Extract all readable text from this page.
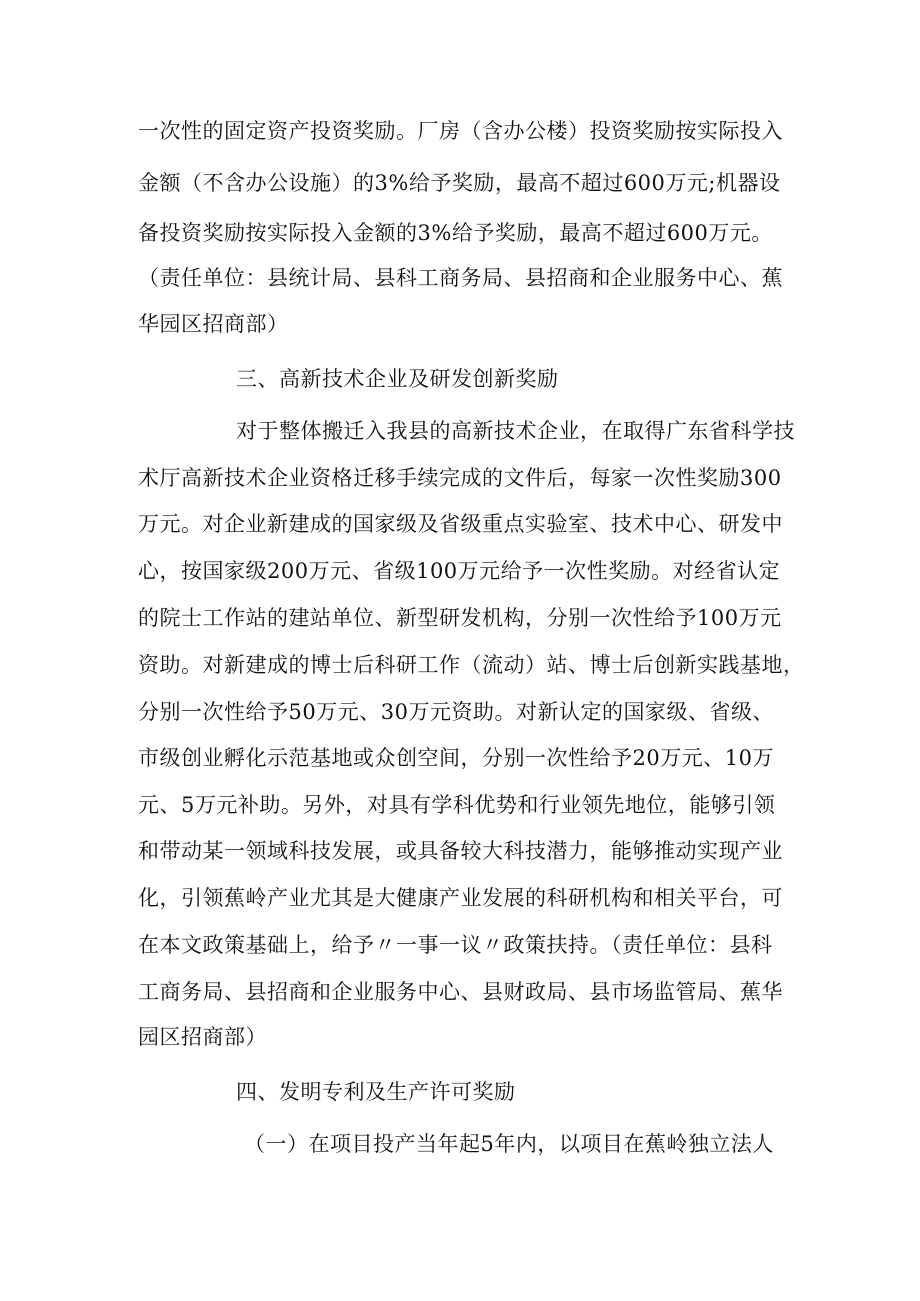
一次性的固定资产投资奖励。厂房（含办公楼）投资奖励按实际投入
金额（不含办公设施）的3%给予奖励，最高不超过600万元;机器设
备投资奖励按实际投入金额的3%给予奖励，最高不超过600万元。
（责任单位：县统计局、县科工商务局、县招商和企业服务中心、蕉
华园区招商部）
三、高新技术企业及研发创新奖励
对于整体搬迁入我县的高新技术企业，在取得广东省科学技
术厅高新技术企业资格迁移手续完成的文件后，每家一次性奖励300
万元。对企业新建成的国家级及省级重点实验室、技术中心、研发中
心，按国家级200万元、省级100万元给予一次性奖励。对经省认定
的院士工作站的建站单位、新型研发机构，分别一次性给予100万元
资助。对新建成的博士后科研工作（流动）站、博士后创新实践基地，
分别一次性给予50万元、30万元资助。对新认定的国家级、省级、
市级创业孵化示范基地或众创空间，分别一次性给予20万元、10万
元、5万元补助。另外，对具有学科优势和行业领先地位，能够引领
和带动某一领域科技发展，或具备较大科技潜力，能够推动实现产业
化，引领蕉岭产业尤其是大健康产业发展的科研机构和相关平台，可
在本文政策基础上，给予〃一事一议〃政策扶持。（责任单位：县科
工商务局、县招商和企业服务中心、县财政局、县市场监管局、蕉华
园区招商部）
四、发明专利及生产许可奖励
（一）在项目投产当年起5年内，以项目在蕉岭独立法人
